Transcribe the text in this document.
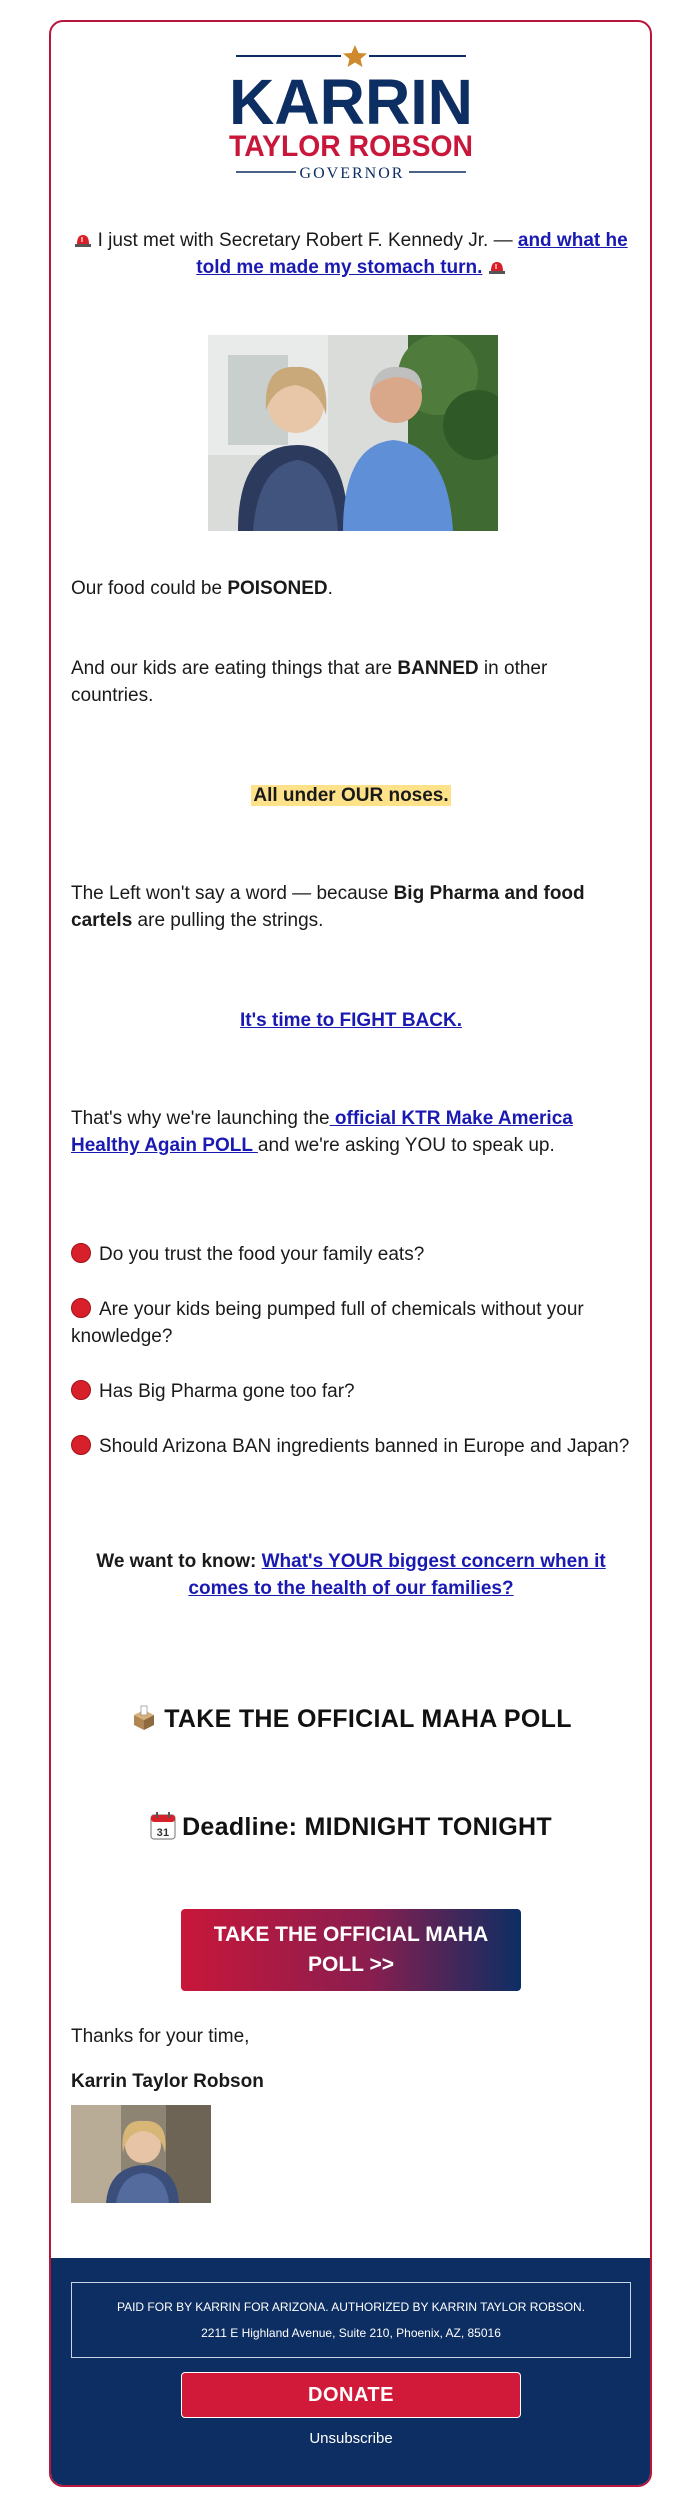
KARRIN
TAYLOR ROBSON
GOVERNOR
I just met with Secretary Robert F. Kennedy Jr. — and what he told me made my stomach turn.
Our food could be POISONED.
And our kids are eating things that are BANNED in other countries.
All under OUR noses.
The Left won't say a word — because Big Pharma and food cartels are pulling the strings.
It's time to FIGHT BACK.
That's why we're launching the official KTR Make America Healthy Again POLL and we're asking YOU to speak up.
Do you trust the food your family eats?
Are your kids being pumped full of chemicals without your knowledge?
Has Big Pharma gone too far?
Should Arizona BAN ingredients banned in Europe and Japan?
We want to know: What's YOUR biggest concern when it comes to the health of our families?
TAKE THE OFFICIAL MAHA POLL
31 Deadline: MIDNIGHT TONIGHT
TAKE THE OFFICIAL MAHA POLL >>
Thanks for your time,
Karrin Taylor Robson
PAID FOR BY KARRIN FOR ARIZONA. AUTHORIZED BY KARRIN TAYLOR ROBSON.
2211 E Highland Avenue, Suite 210, Phoenix, AZ, 85016
DONATE
Unsubscribe
